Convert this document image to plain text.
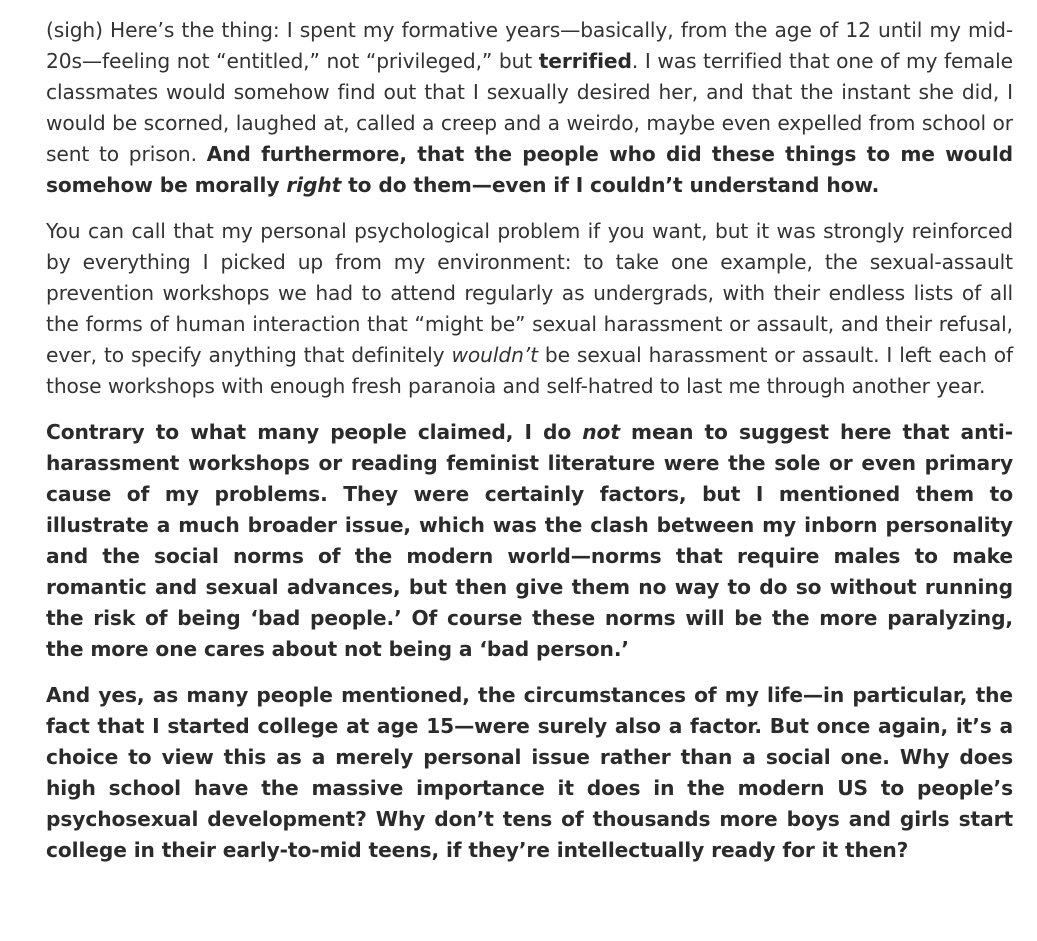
(sigh) Here’s the thing: I spent my formative years—basically, from the age of 12 until my mid-20s—feeling not “entitled,” not “privileged,” but terrified. I was terrified that one of my female classmates would somehow find out that I sexually desired her, and that the instant she did, I would be scorned, laughed at, called a creep and a weirdo, maybe even expelled from school or sent to prison. And furthermore, that the people who did these things to me would somehow be morally right to do them—even if I couldn’t understand how.

You can call that my personal psychological problem if you want, but it was strongly reinforced by everything I picked up from my environment: to take one example, the sexual-assault prevention workshops we had to attend regularly as undergrads, with their endless lists of all the forms of human interaction that “might be” sexual harassment or assault, and their refusal, ever, to specify anything that definitely wouldn’t be sexual harassment or assault. I left each of those workshops with enough fresh paranoia and self-hatred to last me through another year.

Contrary to what many people claimed, I do not mean to suggest here that anti-harassment workshops or reading feminist literature were the sole or even primary cause of my problems. They were certainly factors, but I mentioned them to illustrate a much broader issue, which was the clash between my inborn personality and the social norms of the modern world—norms that require males to make romantic and sexual advances, but then give them no way to do so without running the risk of being ‘bad people.’ Of course these norms will be the more paralyzing, the more one cares about not being a ‘bad person.’

And yes, as many people mentioned, the circumstances of my life—in particular, the fact that I started college at age 15—were surely also a factor. But once again, it’s a choice to view this as a merely personal issue rather than a social one. Why does high school have the massive importance it does in the modern US to people’s psychosexual development? Why don’t tens of thousands more boys and girls start college in their early-to-mid teens, if they’re intellectually ready for it then?
